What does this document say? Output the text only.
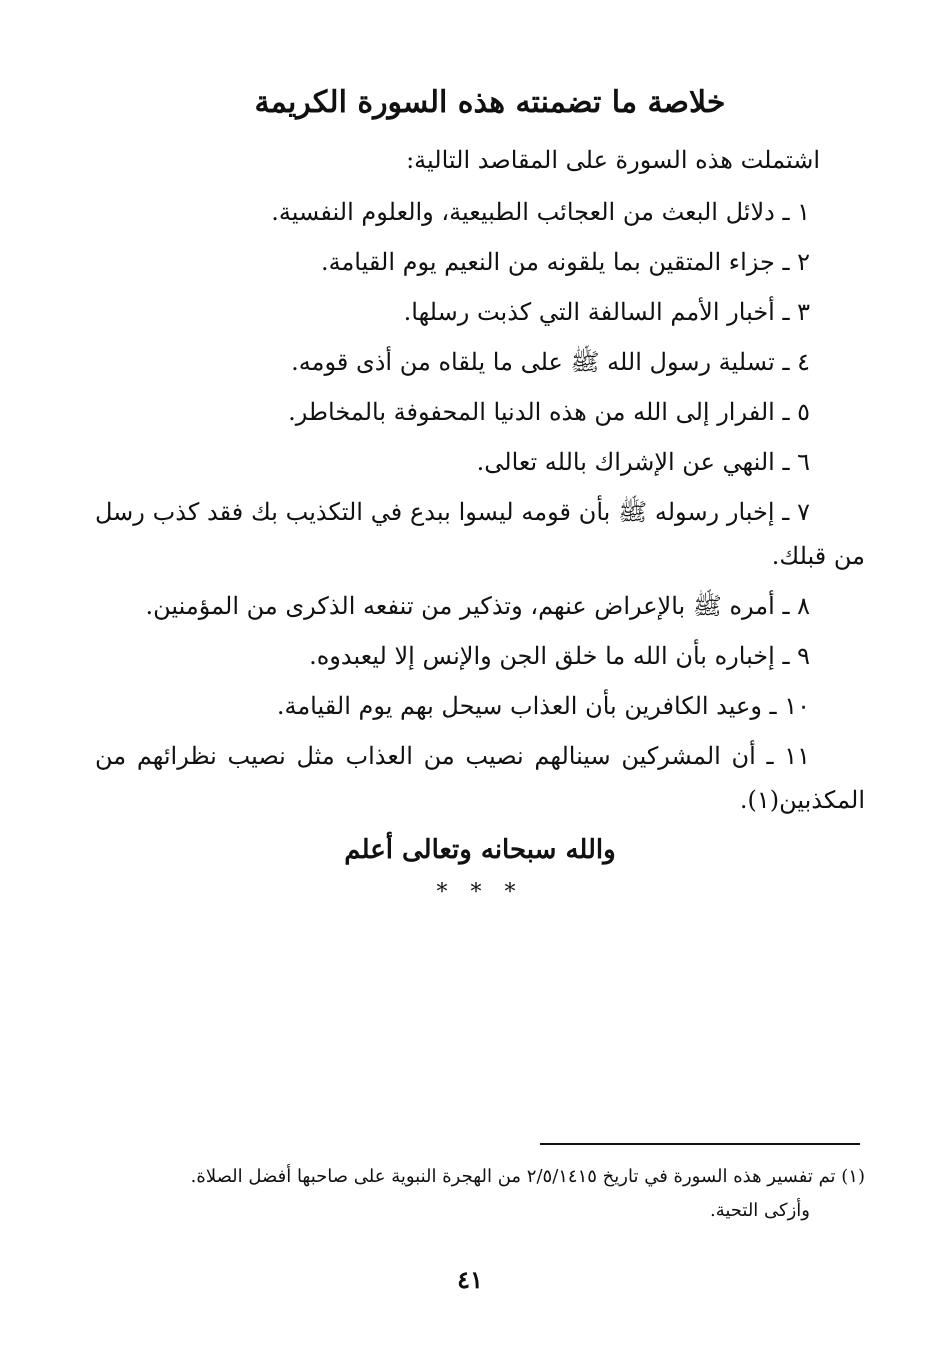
خلاصة ما تضمنته هذه السورة الكريمة
اشتملت هذه السورة على المقاصد التالية:
١ ـ دلائل البعث من العجائب الطبيعية، والعلوم النفسية.
٢ ـ جزاء المتقين بما يلقونه من النعيم يوم القيامة.
٣ ـ أخبار الأمم السالفة التي كذبت رسلها.
٤ ـ تسلية رسول الله ﷺ على ما يلقاه من أذى قومه.
٥ ـ الفرار إلى الله من هذه الدنيا المحفوفة بالمخاطر.
٦ ـ النهي عن الإشراك بالله تعالى.
٧ ـ إخبار رسوله ﷺ بأن قومه ليسوا ببدع في التكذيب بك فقد كذب رسل من قبلك.
٨ ـ أمره ﷺ بالإعراض عنهم، وتذكير من تنفعه الذكرى من المؤمنين.
٩ ـ إخباره بأن الله ما خلق الجن والإنس إلا ليعبدوه.
١٠ ـ وعيد الكافرين بأن العذاب سيحل بهم يوم القيامة.
١١ ـ أن المشركين سينالهم نصيب من العذاب مثل نصيب نظرائهم من المكذبين(١).
والله سبحانه وتعالى أعلم
* * *
(١) تم تفسير هذه السورة في تاريخ ٢/٥/١٤١٥ من الهجرة النبوية على صاحبها أفضل الصلاة.
وأزكى التحية.
٤١
